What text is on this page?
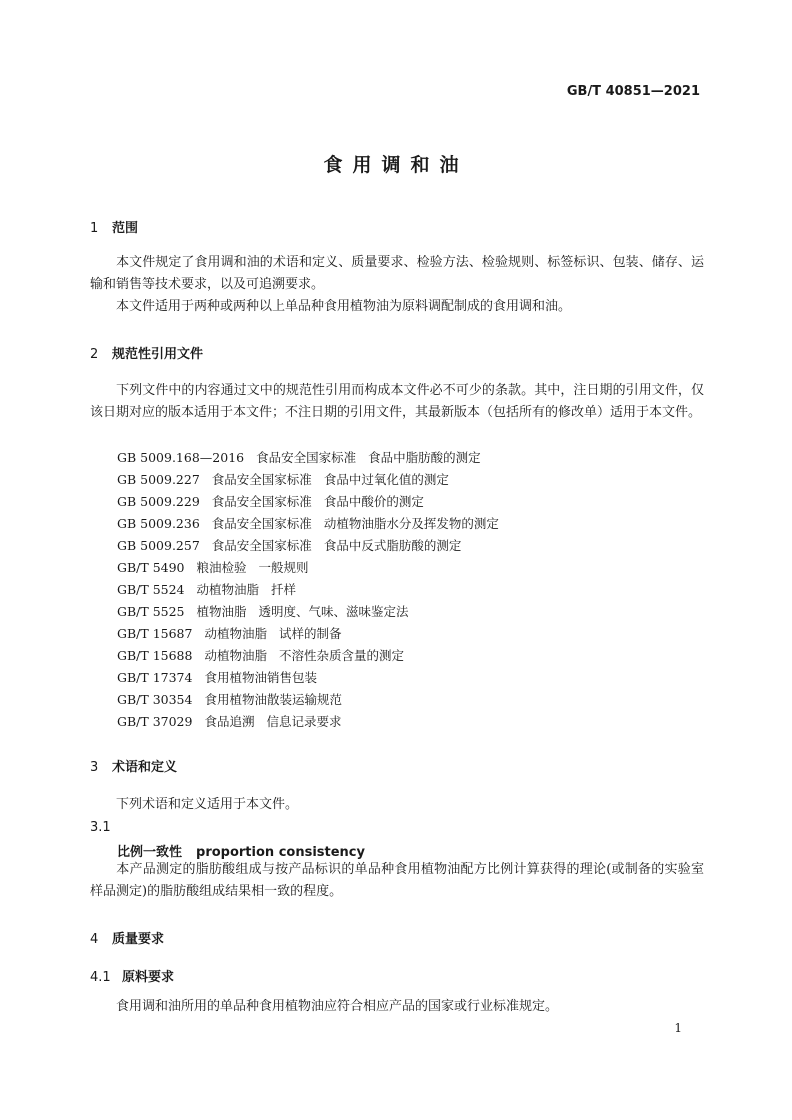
GB/T 40851—2021
食用调和油
1 范围

本文件规定了食用调和油的术语和定义、质量要求、检验方法、检验规则、标签标识、包装、储存、运输和销售等技术要求，以及可追溯要求。

本文件适用于两种或两种以上单品种食用植物油为原料调配制成的食用调和油。

2 规范性引用文件

下列文件中的内容通过文中的规范性引用而构成本文件必不可少的条款。其中，注日期的引用文件，仅该日期对应的版本适用于本文件；不注日期的引用文件，其最新版本（包括所有的修改单）适用于本文件。

GB 5009.168—2016 食品安全国家标准 食品中脂肪酸的测定
GB 5009.227 食品安全国家标准 食品中过氧化值的测定
GB 5009.229 食品安全国家标准 食品中酸价的测定
GB 5009.236 食品安全国家标准 动植物油脂水分及挥发物的测定
GB 5009.257 食品安全国家标准 食品中反式脂肪酸的测定
GB/T 5490 粮油检验 一般规则
GB/T 5524 动植物油脂 扦样
GB/T 5525 植物油脂 透明度、气味、滋味鉴定法
GB/T 15687 动植物油脂 试样的制备
GB/T 15688 动植物油脂 不溶性杂质含量的测定
GB/T 17374 食用植物油销售包装
GB/T 30354 食用植物油散装运输规范
GB/T 37029 食品追溯 信息记录要求
3 术语和定义

下列术语和定义适用于本文件。

3.1
比例一致性 proportion consistency

本产品测定的脂肪酸组成与按产品标识的单品种食用植物油配方比例计算获得的理论(或制备的实验室样品测定)的脂肪酸组成结果相一致的程度。

4 质量要求
4.1 原料要求

食用调和油所用的单品种食用植物油应符合相应产品的国家或行业标准规定。

1
